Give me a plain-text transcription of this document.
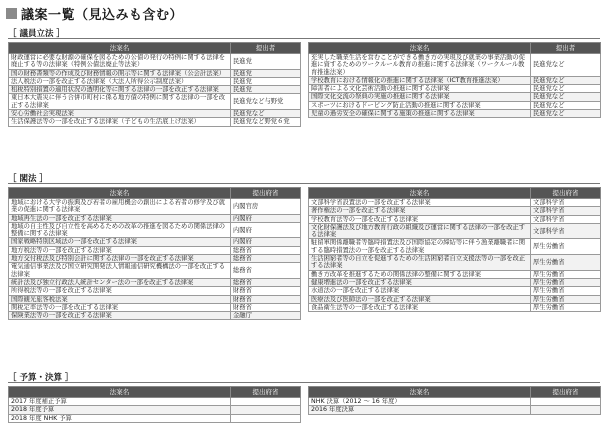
議案一覧（見込みも含む）
［ 議員立法 ］
法案名	提出者
財政運営に必要な財源の確保を図るための公債の発行の特例に関する法律を廃止する等の法律案（特例公債法廃止等法案）	民進党
国の財務書類等の作成及び財務情報の開示等に関する法律案（公会計法案）	民進党
法人税法の一部を改正する法律案（大法人所得公示制度法案）	民進党
租税特別措置の適用状況の透明化等に関する法律の一部を改正する法律案	民進党
東日本大震災に伴う合併市町村に係る地方債の特例に関する法律の一部を改正する法律案	民進党など与野党
安心労働社会実現法案	民進党など
生活保護法等の一部を改正する法律案（子どもの生活底上げ法案）	民進党など野党６党
法案名	提出者
充実した職業生活を営むことができる働き方の実現及び就業の事業活動の促進に資するためのワークルール教育の推進に関する法律案（ワークルール教育推進法案）	民進党など
学校教育における情報化の推進に関する法律案（ICT教育推進法案）	民進党など
障害者による文化芸術活動の推進に関する法律案	民進党など
国際文化交流の祭典の実施の推進に関する法律案	民進党など
スポーツにおけるドーピング防止活動の推進に関する法律案	民進党など
児童の過労安全の確保に関する施策の推進に関する法律案	民進党など
［ 閣法 ］
法案名	提出府省
地域における大学の振興及び若者の雇用機会の創出による若者の修学及び就業の促進に関する法律案	内閣官房
地域再生法の一部を改正する法律案	内閣府
地域の自主性及び自立性を高めるための改革の推進を図るための関係法律の整備に関する法律案	内閣府
国家戦略特別区域法の一部を改正する法律案	内閣府
地方税法等の一部を改正する法律案	総務省
地方交付税法及び特別会計に関する法律の一部を改正する法律案	総務省
電気通信事業法及び国立研究開発法人情報通信研究機構法の一部を改正する法律案	総務省
統計法及び独立行政法人統計センター法の一部を改正する法律案	総務省
所得税法等の一部を改正する法律案	財務省
国際観光旅客税法案	財務省
関税定率法等の一部を改正する法律案	財務省
保険業法等の一部を改正する法律案	金融庁
法案名	提出府省
文部科学省設置法の一部を改正する法律案	文部科学省
著作権法の一部を改正する法律案	文部科学省
学校教育法等の一部を改正する法律案	文部科学省
文化財保護法及び地方教育行政の組織及び運営に関する法律の一部を改正する法律案	文部科学省
駐留軍関係離職者等臨時措置法及び国際協定の締結等に伴う漁業離職者に関する臨時措置法の一部を改正する法律案	厚生労働省
生活困窮者等の自立を促進するための生活困窮者自立支援法等の一部を改正する法律案	厚生労働省
働き方改革を推進するための関係法律の整備に関する法律案	厚生労働省
健康増進法の一部を改正する法律案	厚生労働省
水道法の一部を改正する法律案	厚生労働省
医療法及び医師法の一部を改正する法律案	厚生労働省
食品衛生法等の一部を改正する法律案	厚生労働省
［ 予算・決算 ］
法案名	提出府省
2017 年度補正予算	
2018 年度予算	
2018 年度 NHK 予算	
法案名	提出府省
NHK 決算（2012 ～ 16 年度）	
2016 年度決算	
